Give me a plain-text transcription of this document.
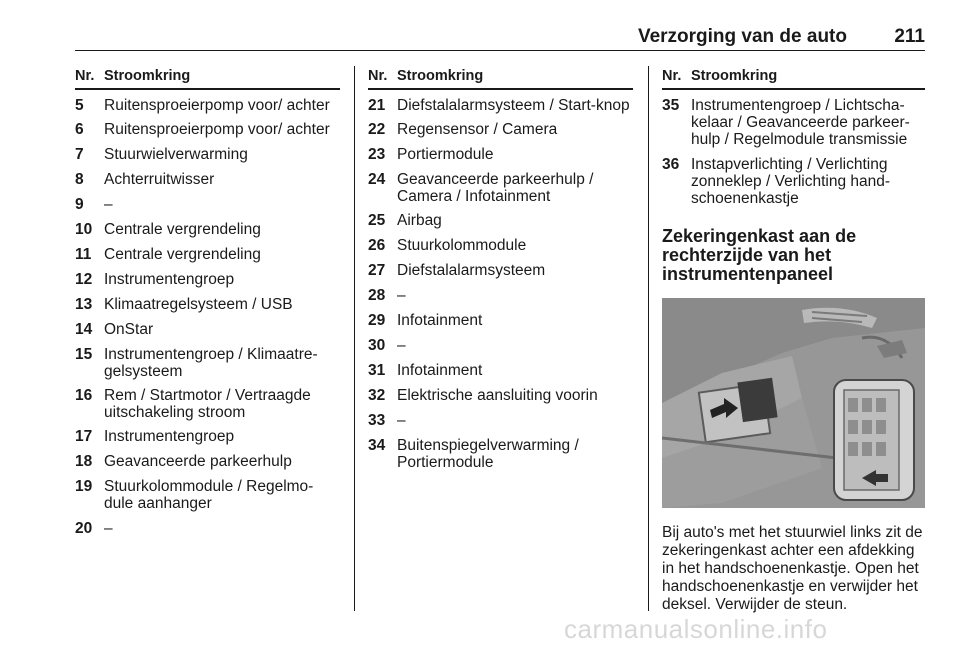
Verzorging van de auto 211
Nr. Stroomkring
5 Ruitensproeierpomp voor/ achter
6 Ruitensproeierpomp voor/ achter
7 Stuurwielverwarming
8 Achterruitwisser
9 –
10 Centrale vergrendeling
11 Centrale vergrendeling
12 Instrumentengroep
13 Klimaatregelsysteem / USB
14 OnStar
15 Instrumentengroep / Klimaatre-gelsysteem
16 Rem / Startmotor / Vertraagde uitschakeling stroom
17 Instrumentengroep
18 Geavanceerde parkeerhulp
19 Stuurkolommodule / Regelmo-dule aanhanger
20 –
Nr. Stroomkring
21 Diefstalalarmsysteem / Start-knop
22 Regensensor / Camera
23 Portiermodule
24 Geavanceerde parkeerhulp / Camera / Infotainment
25 Airbag
26 Stuurkolommodule
27 Diefstalalarmsysteem
28 –
29 Infotainment
30 –
31 Infotainment
32 Elektrische aansluiting voorin
33 –
34 Buitenspiegelverwarming / Portiermodule
Nr. Stroomkring
35 Instrumentengroep / Lichtscha-kelaar / Geavanceerde parkeer-hulp / Regelmodule transmissie
36 Instapverlichting / Verlichting zonneklep / Verlichting hand-schoenenkastje
Zekeringenkast aan de rechterzijde van het instrumentenpaneel
Bij auto's met het stuurwiel links zit de zekeringenkast achter een afdekking in het handschoenenkastje. Open het handschoenenkastje en verwijder het deksel. Verwijder de steun.
carmanualsonline.info
